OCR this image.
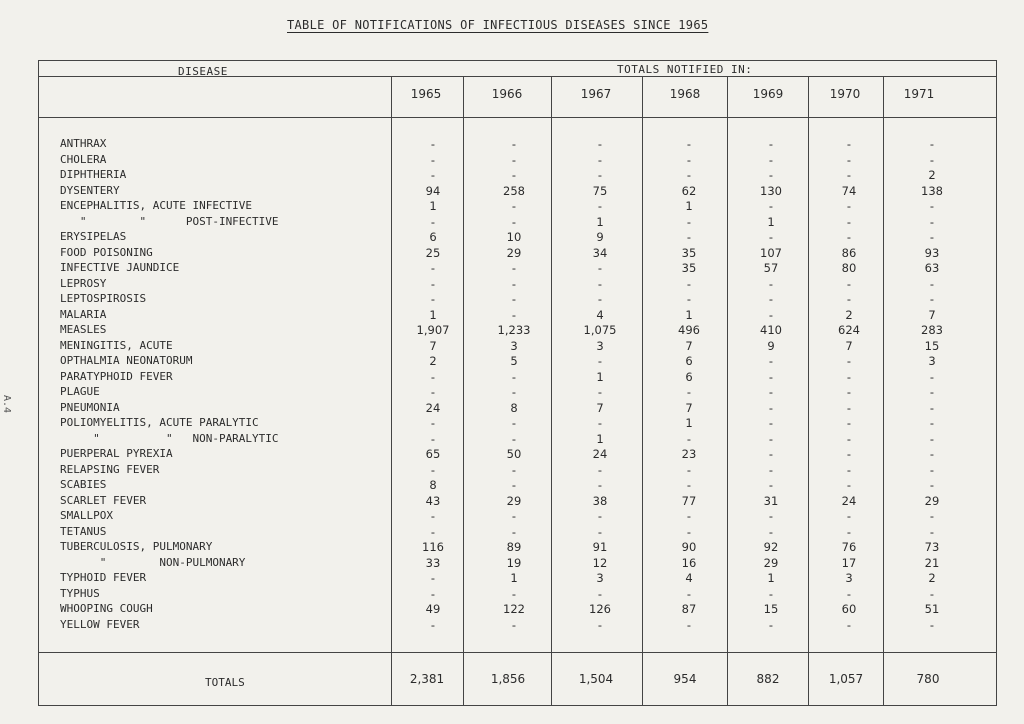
TABLE OF NOTIFICATIONS OF INFECTIOUS DISEASES SINCE 1965
A.4
DISEASE	TOTALS NOTIFIED IN:
1965	1966	1967	1968	1969	1970	1971
ANTHRAX	-	-	-	-	-	-	-
CHOLERA	-	-	-	-	-	-	-
DIPHTHERIA	-	-	-	-	-	-	2
DYSENTERY	94	258	75	62	130	74	138
ENCEPHALITIS, ACUTE INFECTIVE	1	-	-	1	-	-	-
"        "      POST-INFECTIVE	-	-	1	-	1	-	-
ERYSIPELAS	6	10	9	-	-	-	-
FOOD POISONING	25	29	34	35	107	86	93
INFECTIVE JAUNDICE	-	-	-	35	57	80	63
LEPROSY	-	-	-	-	-	-	-
LEPTOSPIROSIS	-	-	-	-	-	-	-
MALARIA	1	-	4	1	-	2	7
MEASLES	1,907	1,233	1,075	496	410	624	283
MENINGITIS, ACUTE	7	3	3	7	9	7	15
OPTHALMIA NEONATORUM	2	5	-	6	-	-	3
PARATYPHOID FEVER	-	-	1	6	-	-	-
PLAGUE	-	-	-	-	-	-	-
PNEUMONIA	24	8	7	7	-	-	-
POLIOMYELITIS, ACUTE PARALYTIC	-	-	-	1	-	-	-
"          "   NON-PARALYTIC	-	-	1	-	-	-	-
PUERPERAL PYREXIA	65	50	24	23	-	-	-
RELAPSING FEVER	-	-	-	-	-	-	-
SCABIES	8	-	-	-	-	-	-
SCARLET FEVER	43	29	38	77	31	24	29
SMALLPOX	-	-	-	-	-	-	-
TETANUS	-	-	-	-	-	-	-
TUBERCULOSIS, PULMONARY	116	89	91	90	92	76	73
"        NON-PULMONARY	33	19	12	16	29	17	21
TYPHOID FEVER	-	1	3	4	1	3	2
TYPHUS	-	-	-	-	-	-	-
WHOOPING COUGH	49	122	126	87	15	60	51
YELLOW FEVER	-	-	-	-	-	-	-
TOTALS	2,381	1,856	1,504	954	882	1,057	780
